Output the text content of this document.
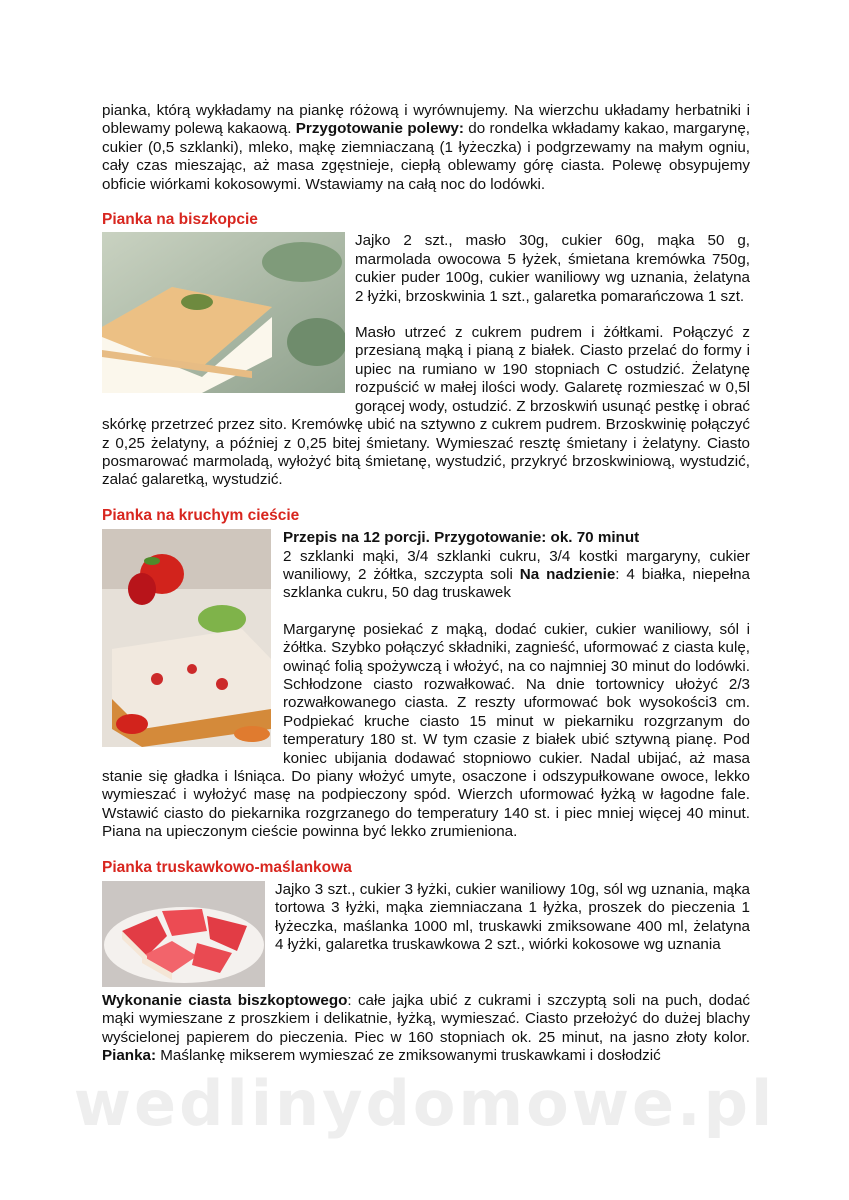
pianka, którą wykładamy na piankę różową i wyrównujemy. Na wierzchu układamy herbatniki i oblewamy polewą kakaową. Przygotowanie polewy: do rondelka wkładamy kakao, margarynę, cukier (0,5 szklanki), mleko, mąkę ziemniaczaną (1 łyżeczka) i podgrzewamy na małym ogniu, cały czas mieszając, aż masa zgęstnieje, ciepłą oblewamy górę ciasta. Polewę obsypujemy obficie wiórkami kokosowymi. Wstawiamy na całą noc do lodówki.

Pianka na biszkopcie

Jajko 2 szt., masło 30g, cukier 60g, mąka 50 g, marmolada owocowa 5 łyżek, śmietana kremówka 750g, cukier puder 100g, cukier waniliowy wg uznania, żelatyna 2 łyżki, brzoskwinia 1 szt., galaretka pomarańczowa 1 szt.

Masło utrzeć z cukrem pudrem i żółtkami. Połączyć z przesianą mąką i pianą z białek. Ciasto przelać do formy i upiec na rumiano w 190 stopniach C ostudzić. Żelatynę rozpuścić w małej ilości wody. Galaretę rozmieszać w 0,5l gorącej wody, ostudzić. Z brzoskwiń usunąć pestkę i obrać skórkę przetrzeć przez sito. Kremówkę ubić na sztywno z cukrem pudrem. Brzoskwinię połączyć z 0,25 żelatyny, a później z 0,25 bitej śmietany. Wymieszać resztę śmietany i żelatyny. Ciasto posmarować marmoladą, wyłożyć bitą śmietanę, wystudzić, przykryć brzoskwiniową, wystudzić, zalać galaretką, wystudzić.

Pianka na kruchym cieście

Przepis na 12 porcji. Przygotowanie: ok. 70 minut

2 szklanki mąki, 3/4 szklanki cukru, 3/4 kostki margaryny, cukier waniliowy, 2 żółtka, szczypta soli Na nadzienie: 4 białka, niepełna szklanka cukru, 50 dag truskawek

Margarynę posiekać z mąką, dodać cukier, cukier waniliowy, sól i żółtka. Szybko połączyć składniki, zagnieść, uformować z ciasta kulę, owinąć folią spożywczą i włożyć, na co najmniej 30 minut do lodówki. Schłodzone ciasto rozwałkować. Na dnie tortownicy ułożyć 2/3 rozwałkowanego ciasta. Z reszty uformować bok wysokości3 cm. Podpiekać kruche ciasto 15 minut w piekarniku rozgrzanym do temperatury 180 st. W tym czasie z białek ubić sztywną pianę. Pod koniec ubijania dodawać stopniowo cukier. Nadal ubijać, aż masa stanie się gładka i lśniąca. Do piany włożyć umyte, osaczone i odszypułkowane owoce, lekko wymieszać i wyłożyć masę na podpieczony spód. Wierzch uformować łyżką w łagodne fale. Wstawić ciasto do piekarnika rozgrzanego do temperatury 140 st. i piec mniej więcej 40 minut. Piana na upieczonym cieście powinna być lekko zrumieniona.

Pianka truskawkowo-maślankowa

Jajko 3 szt., cukier 3 łyżki, cukier waniliowy 10g, sól wg uznania, mąka tortowa 3 łyżki, mąka ziemniaczana 1 łyżka, proszek do pieczenia 1 łyżeczka, maślanka 1000 ml, truskawki zmiksowane 400 ml, żelatyna 4 łyżki, galaretka truskawkowa 2 szt., wiórki kokosowe wg uznania

Wykonanie ciasta biszkoptowego: całe jajka ubić z cukrami i szczyptą soli na puch, dodać mąki wymieszane z proszkiem i delikatnie, łyżką, wymieszać. Ciasto przełożyć do dużej blachy wyścielonej papierem do pieczenia. Piec w 160 stopniach ok. 25 minut, na jasno złoty kolor. Pianka: Maślankę mikserem wymieszać ze zmiksowanymi truskawkami i dosłodzić

wedlinydomowe.pl
